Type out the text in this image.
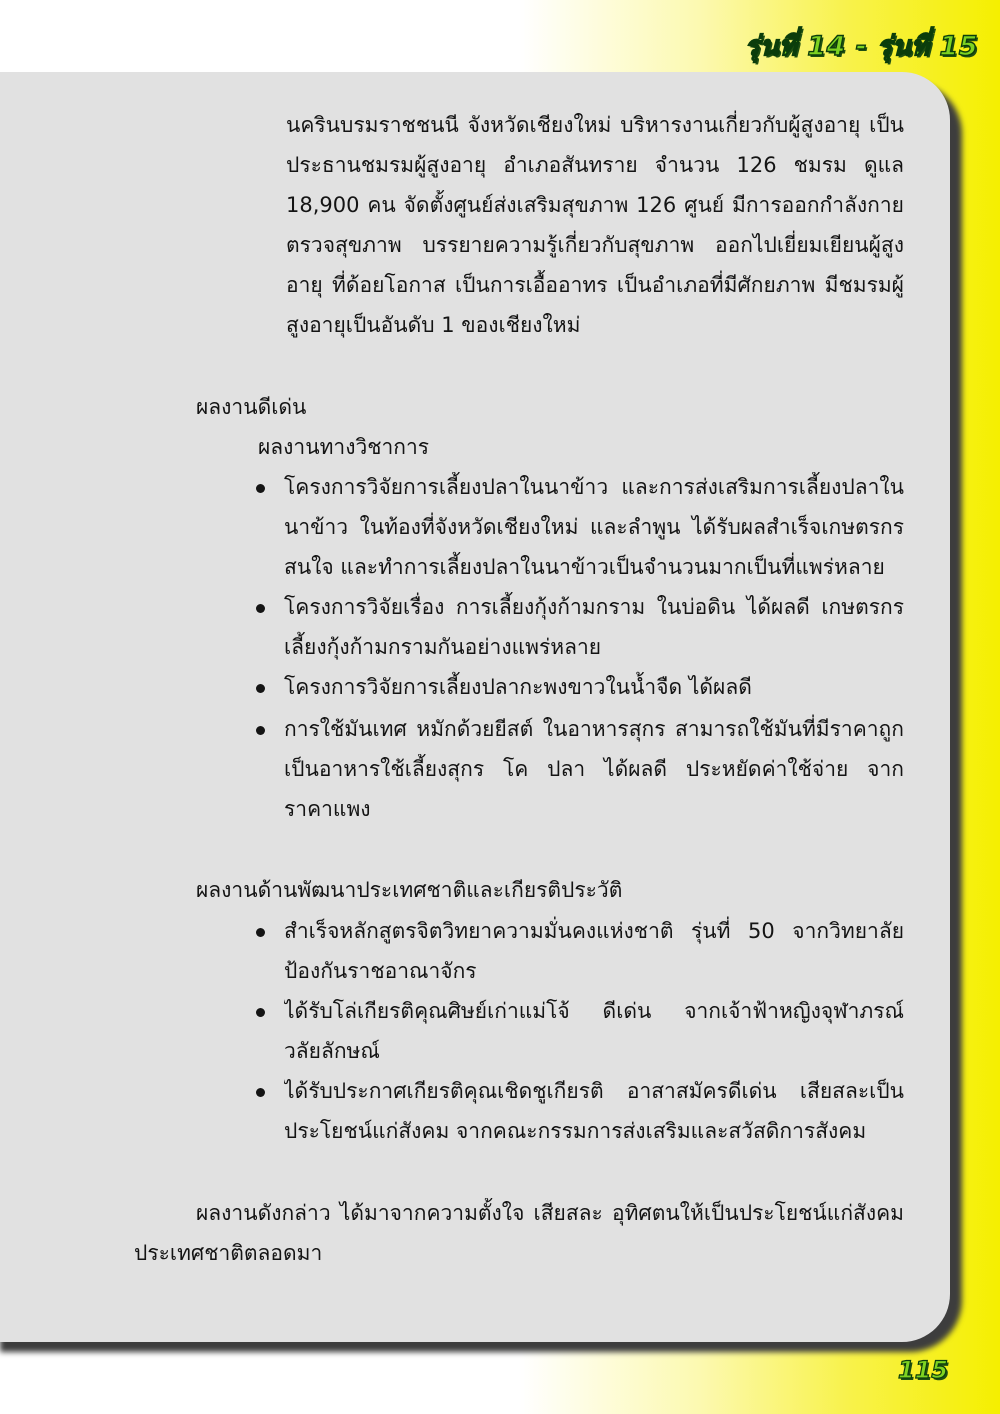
รุ่นที่ 14 - รุ่นที่ 15
นครินบรมราชชนนี จังหวัดเชียงใหม่ บริหารงานเกี่ยวกับผู้สูงอายุ เป็น
ประธานชมรมผู้สูงอายุ อำเภอสันทราย จำนวน 126 ชมรม ดูแล
18,900 คน จัดตั้งศูนย์ส่งเสริมสุขภาพ 126 ศูนย์ มีการออกกำลังกาย
ตรวจสุขภาพ บรรยายความรู้เกี่ยวกับสุขภาพ ออกไปเยี่ยมเยียนผู้สูง
อายุ ที่ด้อยโอกาส เป็นการเอื้ออาทร เป็นอำเภอที่มีศักยภาพ มีชมรมผู้
สูงอายุเป็นอันดับ 1 ของเชียงใหม่
ผลงานดีเด่น
ผลงานทางวิชาการ
โครงการวิจัยการเลี้ยงปลาในนาข้าว และการส่งเสริมการเลี้ยงปลาใน
นาข้าว ในท้องที่จังหวัดเชียงใหม่ และลำพูน ได้รับผลสำเร็จเกษตรกร
สนใจ และทำการเลี้ยงปลาในนาข้าวเป็นจำนวนมากเป็นที่แพร่หลาย
โครงการวิจัยเรื่อง การเลี้ยงกุ้งก้ามกราม ในบ่อดิน ได้ผลดี เกษตรกร
เลี้ยงกุ้งก้ามกรามกันอย่างแพร่หลาย
โครงการวิจัยการเลี้ยงปลากะพงขาวในน้ำจืด ได้ผลดี
การใช้มันเทศ หมักด้วยยีสต์ ในอาหารสุกร สามารถใช้มันที่มีราคาถูก
เป็นอาหารใช้เลี้ยงสุกร โค ปลา ได้ผลดี ประหยัดค่าใช้จ่าย จาก
ราคาแพง
ผลงานด้านพัฒนาประเทศชาติและเกียรติประวัติ
สำเร็จหลักสูตรจิตวิทยาความมั่นคงแห่งชาติ รุ่นที่ 50 จากวิทยาลัย
ป้องกันราชอาณาจักร
ได้รับโล่เกียรติคุณศิษย์เก่าแม่โจ้ ดีเด่น จากเจ้าฟ้าหญิงจุฬาภรณ์
วลัยลักษณ์
ได้รับประกาศเกียรติคุณเชิดชูเกียรติ อาสาสมัครดีเด่น เสียสละเป็น
ประโยชน์แก่สังคม จากคณะกรรมการส่งเสริมและสวัสดิการสังคม
ผลงานดังกล่าว ได้มาจากความตั้งใจ เสียสละ อุทิศตนให้เป็นประโยชน์แก่สังคม
ประเทศชาติตลอดมา
115
